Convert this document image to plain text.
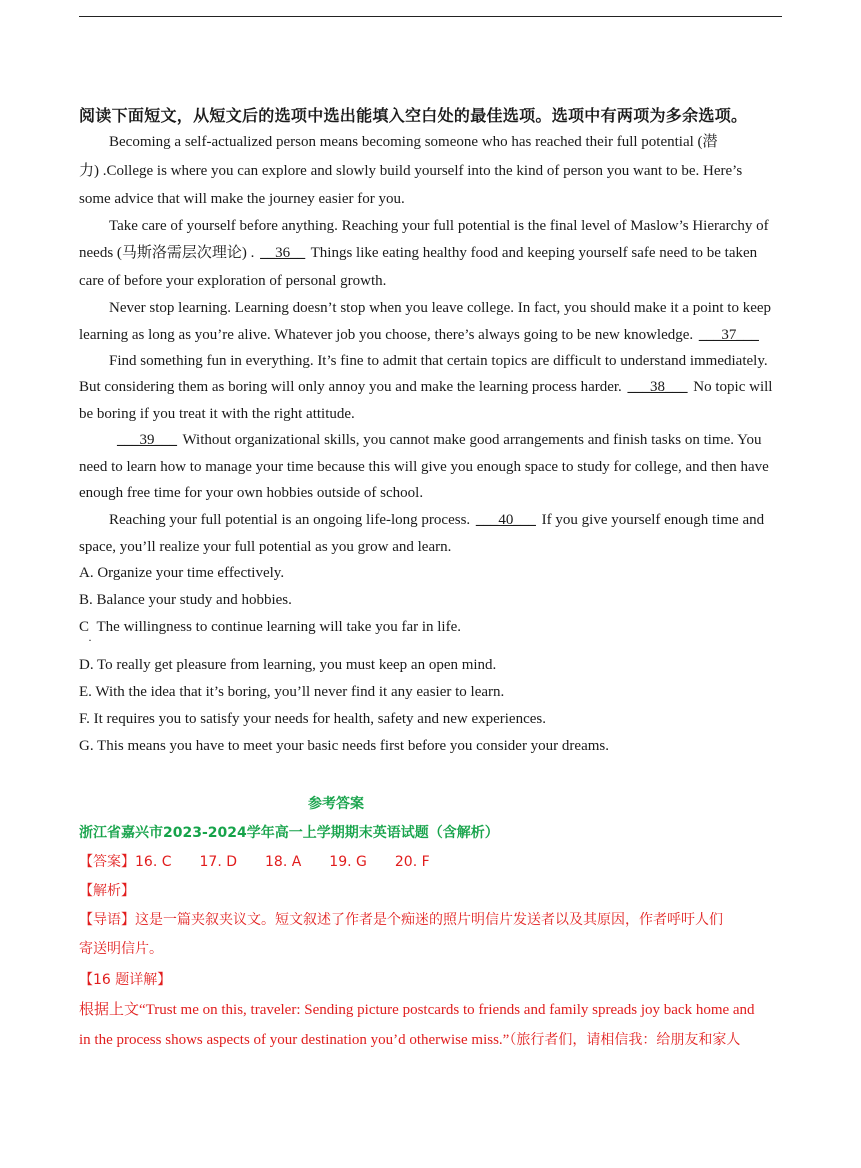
阅读下面短文，从短文后的选项中选出能填入空白处的最佳选项。选项中有两项为多余选项。
Becoming a self-actualized person means becoming someone who has reached their full potential (潜
力) .College is where you can explore and slowly build yourself into the kind of person you want to be. Here’s
some advice that will make the journey easier for you.
Take care of yourself before anything. Reaching your full potential is the final level of Maslow’s Hierarchy of
needs (马斯洛需层次理论) . __36__ Things like eating healthy food and keeping yourself safe need to be taken
care of before your exploration of personal growth.
Never stop learning. Learning doesn’t stop when you leave college. In fact, you should make it a point to keep
learning as long as you’re alive. Whatever job you choose, there’s always going to be new knowledge. ___37___
Find something fun in everything. It’s fine to admit that certain topics are difficult to understand immediately.
But considering them as boring will only annoy you and make the learning process harder. ___38___ No topic will
be boring if you treat it with the right attitude.
___39___ Without organizational skills, you cannot make good arrangements and finish tasks on time. You
need to learn how to manage your time because this will give you enough space to study for college, and then have
enough free time for your own hobbies outside of school.
Reaching your full potential is an ongoing life-long process. ___40___ If you give yourself enough time and
space, you’ll realize your full potential as you grow and learn.
A. Organize your time effectively.
B. Balance your study and hobbies.
C The willingness to continue learning will take you far in life.
·
D. To really get pleasure from learning, you must keep an open mind.
E. With the idea that it’s boring, you’ll never find it any easier to learn.
F. It requires you to satisfy your needs for health, safety and new experiences.
G. This means you have to meet your basic needs first before you consider your dreams.
参考答案
浙江省嘉兴市2023-2024学年高一上学期期末英语试题（含解析）
【答案】16. C 17. D 18. A 19. G 20. F
【解析】
【导语】这是一篇夹叙夹议文。短文叙述了作者是个痴迷的照片明信片发送者以及其原因，作者呼吁人们
寄送明信片。
【16 题详解】
根据上文“Trust me on this, traveler: Sending picture postcards to friends and family spreads joy back home and
in the process shows aspects of your destination you’d otherwise miss.”（旅行者们，请相信我：给朋友和家人
